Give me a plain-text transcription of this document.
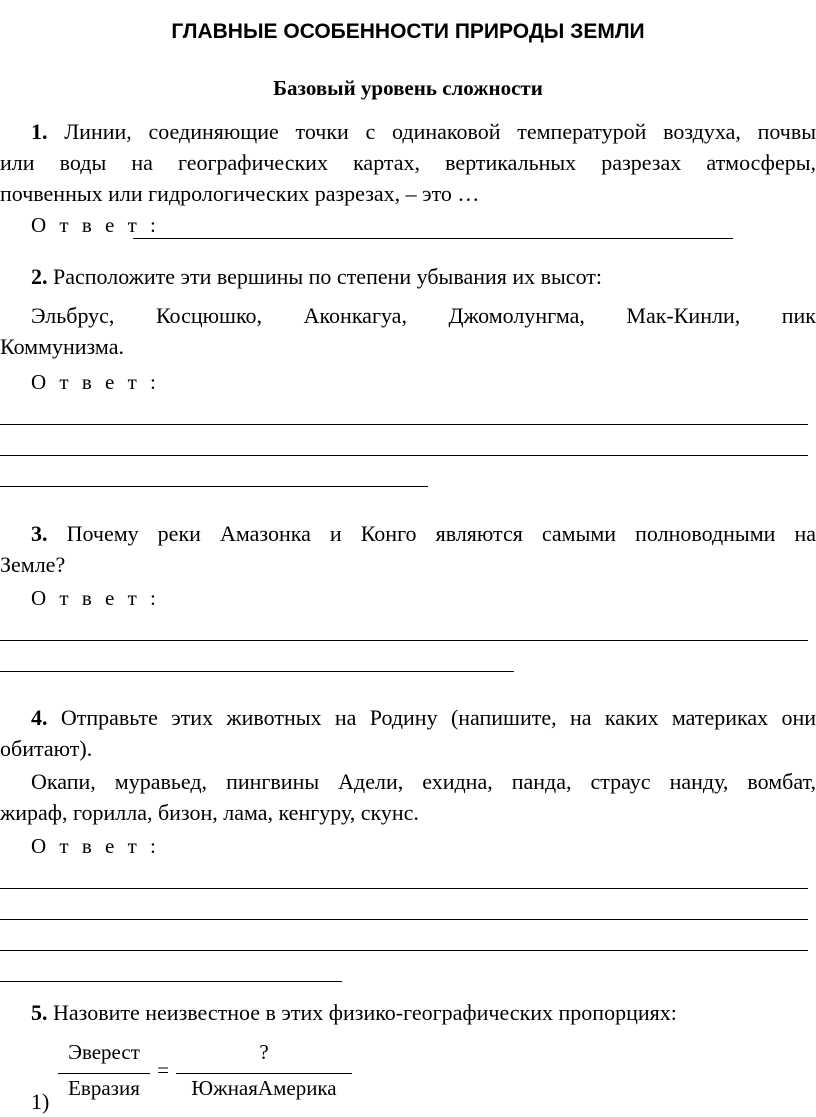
ГЛАВНЫЕ ОСОБЕННОСТИ ПРИРОДЫ ЗЕМЛИ
Базовый уровень сложности
1. Линии, соединяющие точки с одинаковой температурой воздуха, почвы
или воды на географических картах, вертикальных разрезах атмосферы,
почвенных или гидрологических разрезах, – это …
О т в е т :
2. Расположите эти вершины по степени убывания их высот:
Эльбрус, Косцюшко, Аконкагуа, Джомолунгма, Мак-Кинли, пик
Коммунизма.
О т в е т :
3. Почему реки Амазонка и Конго являются самыми полноводными на
Земле?
О т в е т :
4. Отправьте этих животных на Родину (напишите, на каких материках они
обитают).
Окапи, муравьед, пингвины Адели, ехидна, панда, страус нанду, вомбат,
жираф, горилла, бизон, лама, кенгуру, скунс.
О т в е т :
5. Назовите неизвестное в этих физико-географических пропорциях:
1)
Эверест
Евразия
=
?
ЮжнаяАмерика
